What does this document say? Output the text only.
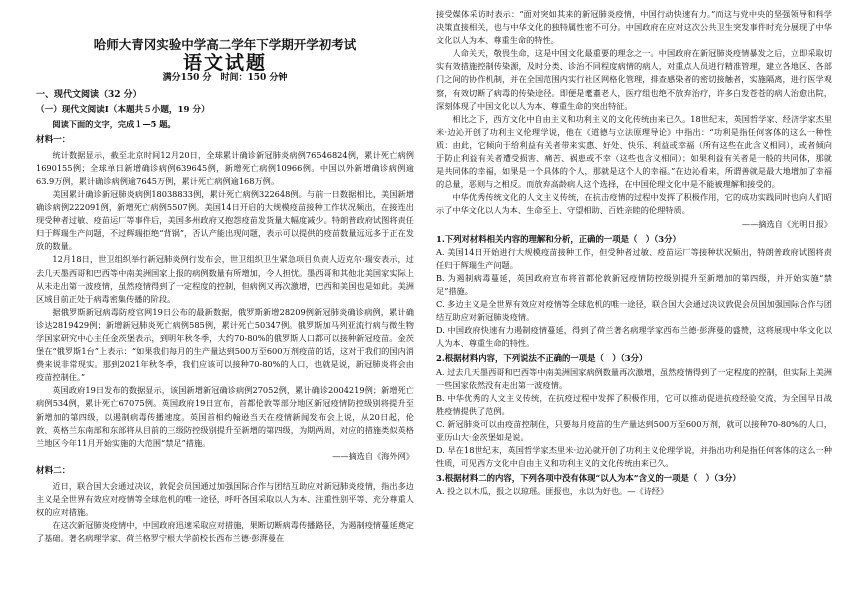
哈师大青冈实验中学高二学年下学期开学初考试
语文试题
满分150 分　时间：150 分钟
一、现代文阅读（32 分）
（一）现代文阅读Ⅰ（本题共５小题，19 分）
阅读下面的文字，完成１—5 题。
材料一：

统计数据显示，截至北京时间12月20日，全球累计确诊新冠肺炎病例76546824例，累计死亡病例1690155例；全球单日新增确诊病例639645例，新增死亡病例10966例。中国以外新增确诊病例逾63.9万例，累计确诊病例逾7645万例，累计死亡病例逾168万例。

美国累计确诊新冠肺炎病例18038833例，累计死亡病例322648例。与前一日数据相比，美国新增确诊病例222091例，新增死亡病例5507例。美国14日开启的大规模疫苗接种工作状况频出，在接连出现受种者过敏、疫苗运厂等事件后，美国多州政府又抱怨疫苗发货量大幅度减少。特朗普政府试图将责任归于辉瑞生产问题，不过辉瑞拒绝“背锅”，否认产能出现问题，表示可以提供的疫苗数量远远多于正在发放的数量。

12月18日，世卫组织举行新冠肺炎例行发布会，世卫组织卫生紧急项目负责人迈克尔·瑞安表示，过去几天墨西哥和巴西等中南美洲国家上报的病例数量有所增加，令人担忧。墨西哥和其他北美国家实际上从未走出第一波疫情，虽然疫情得到了一定程度的控制，但病例又再次激增，巴西和美国也是如此。美洲区域目前正处于病毒密集传播的阶段。

据俄罗斯新冠病毒防疫官网19日公布的最新数据，俄罗斯新增28209例新冠肺炎确诊病例，累计确诊达2819429例；新增新冠肺炎死亡病例585例，累计死亡50347例。俄罗斯加马列亚流行病与微生物学国家研究中心主任金茨堡表示，到明年秋冬季，大约70-80%的俄罗斯人口都可以接种新冠疫苗。金茨堡在“俄罗斯1台”上表示：“如果我们每月的生产量达到500万至600万剂疫苗的话，这对于我们的国内消费来说非常现实。那到2021年秋冬季，我们应该可以接种70-80%的人口，也就是说，新冠肺炎将会由疫苗控制住。”

英国政府19日发布的数据显示，该国新增新冠确诊病例27052例，累计确诊2004219例；新增死亡病例534例，累计死亡67075例。英国政府19日宣布，首都伦敦等部分地区新冠疫情防控级别将提升至新增加的第四级，以遏制病毒传播速度。英国首相约翰逊当天在疫情新闻发布会上说，从20日起，伦敦、英格兰东南部和东部将从目前的三级防控级别提升至新增的第四级，为期两周，对应的措施类似英格兰地区今年11月开始实施的大范围“禁足”措施。

——摘选自《海外网》

材料二：

近日，联合国大会通过决议，敦促会员国通过加强国际合作与团结互助应对新冠肺炎疫情，指出多边主义是全世界有效应对疫情等全球危机的唯一途径，呼吁各国采取以人为本、注重性别平等、充分尊重人权的应对措施。

在这次新冠肺炎疫情中，中国政府迅速采取应对措施，果断切断病毒传播路径，为遏制疫情蔓延奠定了基础。著名病理学家、荷兰格罗宁根大学前校长西布兰德·彭湃曼在

接受媒体采访时表示：“面对突如其来的新冠肺炎疫情，中国行动快速有力。”而这与党中央的坚强领导和科学决策直接相关，也与中华文化的独特属性密不可分。中国政府在应对这次公共卫生突发事件时充分展现了中华文化以人为本、尊重生命的特性。

人命关天，敬畏生命，这是中国文化最重要的理念之一。中国政府在新冠肺炎疫情暴发之后，立即采取切实有效措施控制传染源，及时分类、诊治不同程度病情的病人，对重点人员进行精准管理，建立各地区、各部门之间的协作机制，并在全国范围内实行社区网格化管理，排查感染者的密切接触者，实施隔离，进行医学观察，有效切断了病毒的传染途径。即便是耄耋老人，医疗组也绝不放弃治疗，许多白发苍苍的病人治愈出院，深刻体现了中国文化以人为本、尊重生命的突出特征。

相比之下，西方文化中自由主义和功利主义的文化传统由来已久。18世纪末，英国哲学家、经济学家杰里米·边沁开创了功利主义伦理学说，他在《道德与立法原理导论》中指出：“功利是指任何客体的这么一种性质：由此，它倾向于给利益有关者带来实惠、好处、快乐、利益或幸福（所有这些在此含义相同），或者倾向于防止利益有关者遭受损害、痛苦、祸患或不幸（这些也含义相同）；如果利益有关者是一般的共同体，那就是共同体的幸福，如果是一个具体的个人，那就是这个人的幸福。”在边沁看来，所谓善就是最大地增加了幸福的总量，恶则与之相反。而放弃高龄病人这个选择，在中国伦理文化中是不能被理解和接受的。

中华优秀传统文化的人文主义传统，在抗击疫情的过程中发挥了积极作用，它的成功实践同时也向人们昭示了中华文化以人为本、生命至上、守望相助、百姓亲睦的伦理特质。

——摘选自《光明日报》

1.下列对材料相关内容的理解和分析，正确的一项是（　）（3分）

A. 美国14日开始进行大规模疫苗接种工作，但受种者过敏、疫苗运厂等接种状况频出，特朗普政府试图将责任归于辉瑞生产问题。

B. 为遏制病毒蔓延，英国政府宣布将首都伦敦新冠疫情防控级别提升至新增加的第四级，并开始实施“禁足”措施。

C. 多边主义是全世界有效应对疫情等全球危机的唯一途径，联合国大会通过决议敦促会员国加强国际合作与团结互助应对新冠肺炎疫情。

D. 中国政府快速有力遏制疫情蔓延，得到了荷兰著名病理学家西布兰德·彭湃曼的盛赞，这将展现中华文化以人为本、尊重生命的特性。

2.根据材料内容，下列说法不正确的一项是（　）（3分）

A. 过去几天墨西哥和巴西等中南美洲国家病例数量再次激增，虽然疫情得到了一定程度的控制，但实际上美洲一些国家依然没有走出第一波疫情。

B. 中华优秀的人文主义传统，在抗疫过程中发挥了积极作用，它可以推动促进抗疫经验交流，为全国早日战胜疫情提供了范例。

C. 新冠肺炎可以由疫苗控制住，只要每月疫苗的生产量达到500万至600万剂，就可以接种70-80%的人口，亚历山大·金茨堡如是说。

D. 早在18世纪末，英国哲学家杰里米·边沁就开创了功利主义伦理学说，并指出功利是指任何客体的这么一种性质，可见西方文化中自由主义和功利主义的文化传统由来已久。

3.根据材料二的内容，下列各项中没有体现“以人为本”含义的一项是（　）（3分）

A. 投之以木瓜，报之以琼瑶。匪报也，永以为好也。—《诗经》
